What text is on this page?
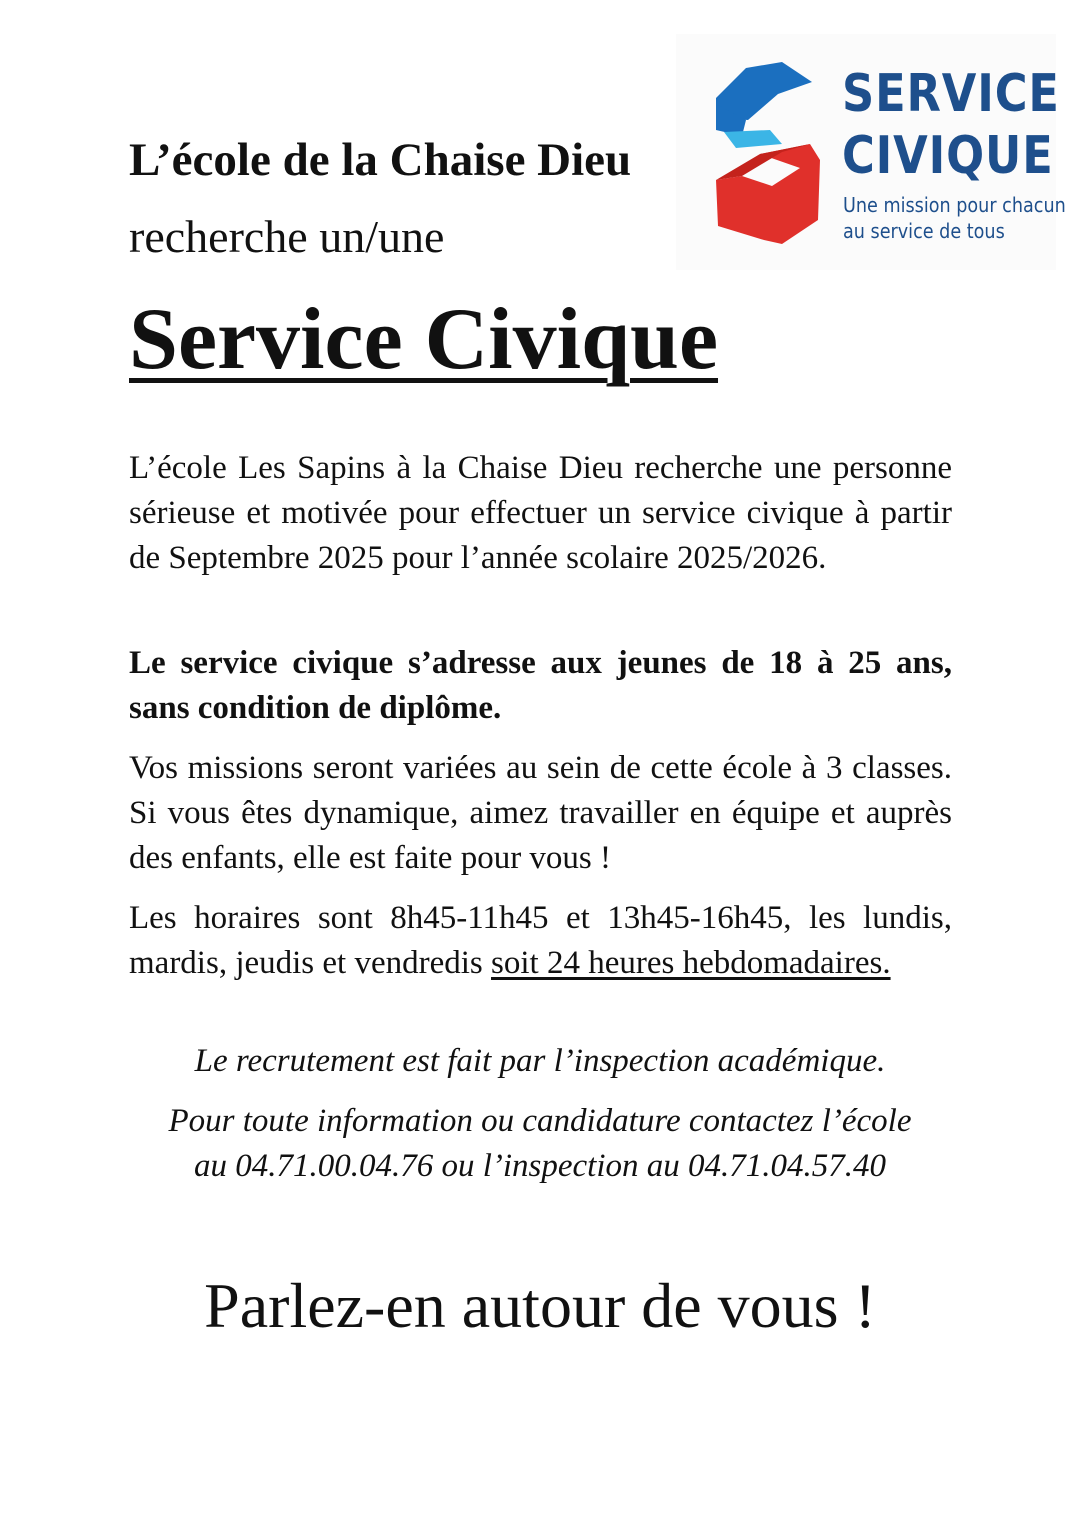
L’école de la Chaise Dieu
recherche un/une
Service Civique
SERVICE
CIVIQUE
Une mission pour chacun
au service de tous

L’école Les Sapins à la Chaise Dieu recherche une personne sérieuse et motivée pour effectuer un service civique à partir de Septembre 2025 pour l’année scolaire 2025/2026.

Le service civique s’adresse aux jeunes de 18 à 25 ans, sans condition de diplôme.

Vos missions seront variées au sein de cette école à 3 classes. Si vous êtes dynamique, aimez travailler en équipe et auprès des enfants, elle est faite pour vous !

Les horaires sont 8h45-11h45 et 13h45-16h45, les lundis, mardis, jeudis et vendredis soit 24 heures hebdomadaires.

Le recrutement est fait par l’inspection académique.

Pour toute information ou candidature contactez l’école
au 04.71.00.04.76 ou l’inspection au 04.71.04.57.40

Parlez-en autour de vous !
